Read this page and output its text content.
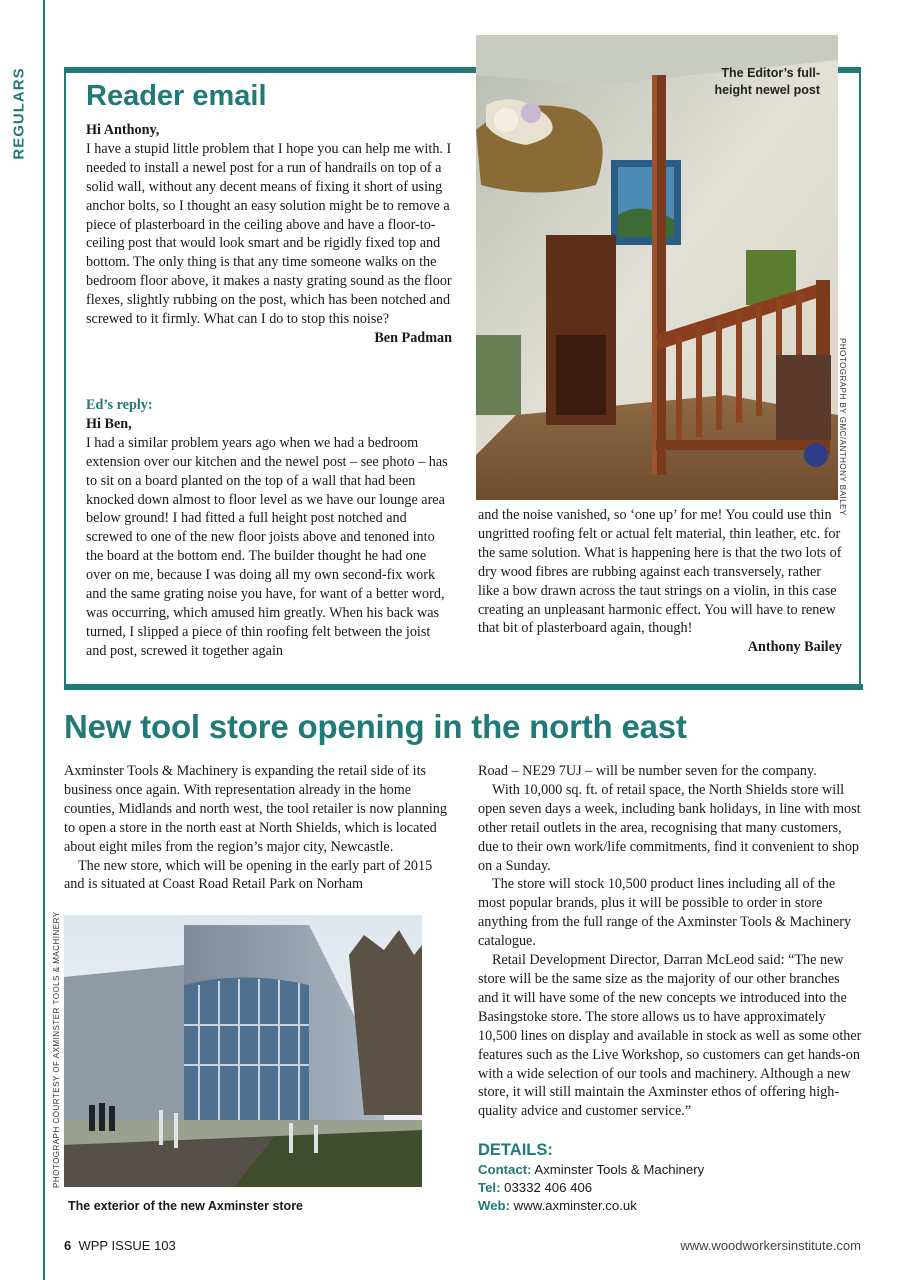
REGULARS Reader email

Hi Anthony,

I have a stupid little problem that I hope you can help me with. I needed to install a newel post for a run of handrails on top of a solid wall, without any decent means of fixing it short of using anchor bolts, so I thought an easy solution might be to remove a piece of plasterboard in the ceiling above and have a floor-to-ceiling post that would look smart and be rigidly fixed top and bottom. The only thing is that any time someone walks on the bedroom floor above, it makes a nasty grating sound as the floor flexes, slightly rubbing on the post, which has been notched and screwed to it firmly. What can I do to stop this noise?

Ben Padman

Ed’s reply:

Hi Ben,

I had a similar problem years ago when we had a bedroom extension over our kitchen and the newel post – see photo – has to sit on a board planted on the top of a wall that had been knocked down almost to floor level as we have our lounge area below ground! I had fitted a full height post notched and screwed to one of the new floor joists above and tenoned into the board at the bottom end. The builder thought he had one over on me, because I was doing all my own second-fix work and the same grating noise you have, for want of a better word, was occurring, which amused him greatly. When his back was turned, I slipped a piece of thin roofing felt between the joist and post, screwed it together again

and the noise vanished, so ‘one up’ for me! You could use thin ungritted roofing felt or actual felt material, thin leather, etc. for the same solution. What is happening here is that the two lots of dry wood fibres are rubbing against each transversely, rather like a bow drawn across the taut strings on a violin, in this case creating an unpleasant harmonic effect. You will have to renew that bit of plasterboard again, though!

Anthony Bailey

The Editor’s full-height newel post
PHOTOGRAPH BY GMC/ANTHONY BAILEY
New tool store opening in the north east

Axminster Tools & Machinery is expanding the retail side of its business once again. With representation already in the home counties, Midlands and north west, the tool retailer is now planning to open a store in the north east at North Shields, which is located about eight miles from the region’s major city, Newcastle.

The new store, which will be opening in the early part of 2015 and is situated at Coast Road Retail Park on Norham

Road – NE29 7UJ – will be number seven for the company.

With 10,000 sq. ft. of retail space, the North Shields store will open seven days a week, including bank holidays, in line with most other retail outlets in the area, recognising that many customers, due to their own work/life commitments, find it convenient to shop on a Sunday.

The store will stock 10,500 product lines including all of the most popular brands, plus it will be possible to order in store anything from the full range of the Axminster Tools & Machinery catalogue.

Retail Development Director, Darran McLeod said: “The new store will be the same size as the majority of our other branches and it will have some of the new concepts we introduced into the Basingstoke store. The store allows us to have approximately 10,500 lines on display and available in stock as well as some other features such as the Live Workshop, so customers can get hands-on with a wide selection of our tools and machinery. Although a new store, it will still maintain the Axminster ethos of offering high-quality advice and customer service.”

PHOTOGRAPH COURTESY OF AXMINSTER TOOLS & MACHINERY
The exterior of the new Axminster store
DETAILS:
Contact: Axminster Tools & Machinery
Tel: 03332 406 406
Web: www.axminster.co.uk
6 WPP ISSUE 103	www.woodworkersinstitute.com
